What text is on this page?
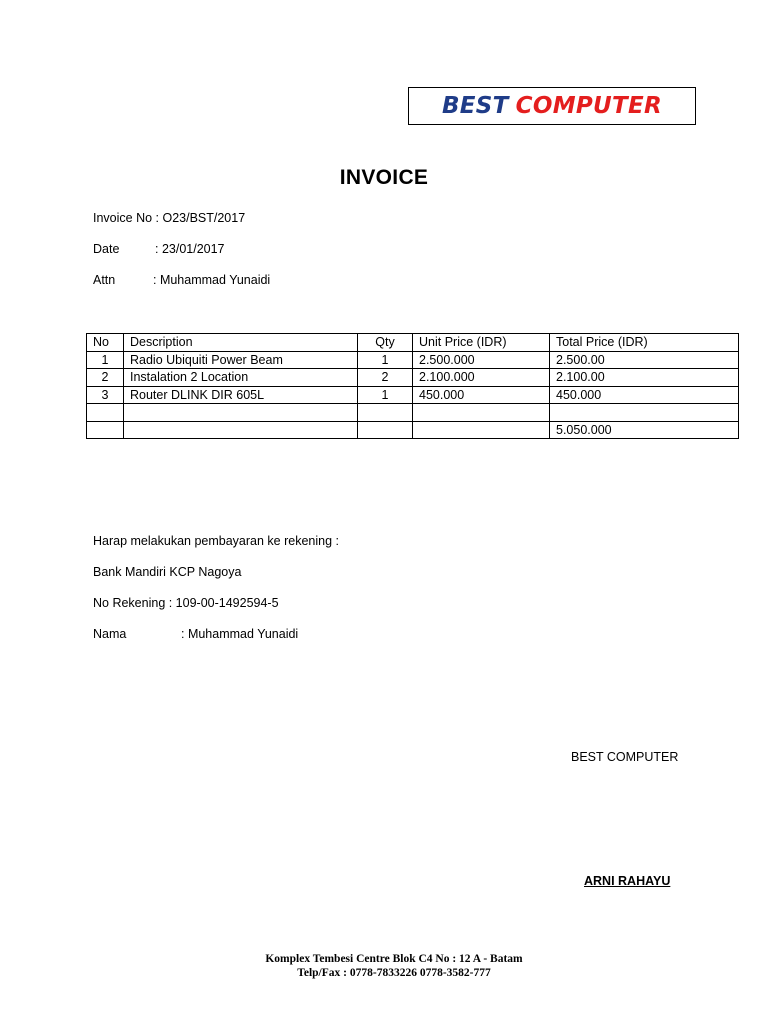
BEST COMPUTER
INVOICE
Invoice No : O23/BST/2017
Date	: 23/01/2017
Attn	: Muhammad Yunaidi
No	Description	Qty	Unit Price (IDR)	Total Price (IDR)
1	Radio Ubiquiti Power Beam	1	2.500.000	2.500.00
2	Instalation 2 Location	2	2.100.000	2.100.00
3	Router DLINK DIR 605L	1	450.000	450.000

				5.050.000
Harap melakukan pembayaran ke rekening :
Bank Mandiri KCP Nagoya
No Rekening : 109-00-1492594-5
Nama	: Muhammad Yunaidi
BEST COMPUTER
ARNI RAHAYU
Komplex Tembesi Centre Blok C4 No : 12 A - Batam
Telp/Fax : 0778-7833226 0778-3582-777
